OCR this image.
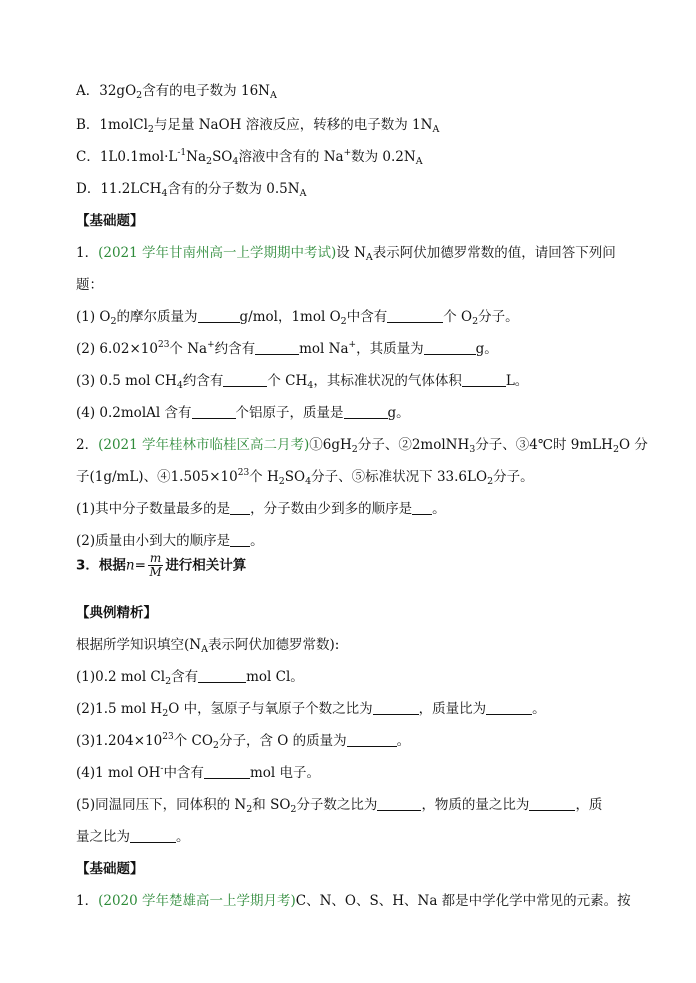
A．$32gO_2$含有的电子数为 $16N_A$
B．1molCl$_2$与足量 NaOH 溶液反应，转移的电子数为 $1N_A$
C．$1L0.1mol\cdot L^{-1}Na_2SO_4$溶液中含有的 Na+数为 $0.2N_A$
D．$11.2LCH_4$含有的分子数为 $0.5N_A$
【基础题】
1．(2021 学年甘南州高一上学期期中考试)设 $N_A$表示阿伏加德罗常数的值，请回答下列问
题：
(1) $O_2$的摩尔质量为	g/mol，1mol $O_2$中含有	个 $O_2$分子。
(2) $6.02\times 10^{23}$个 Na+约含有	mol Na+，其质量为	g。
(3) 0.5 mol $CH_4$约含有	个 $CH_4$，其标准状况的气体体积	L。
(4) 0.2molAl 含有	个铝原子，质量是	g。
2．(2021 学年桂林市临桂区高二月考)$①6gH_2$分子、②2molNH$_3$分子、③4℃时 9mLH$_2$O 分
子(1g/mL)、$④1.505\times 10^{23}$个 $H_2SO_4$分子、⑤标准状况下 $33.6LO_2$分子。
(1)其中分子数量最多的是 ，分子数由少到多的顺序是 。
(2)质量由小到大的顺序是 。
3．根据$n= \frac{m}{M}$ 进行相关计算
【典例精析】
根据所学知识填空($N_A$表示阿伏加德罗常数):
(1)0.2 mol $Cl_2$含有	mol Cl。
(2)1.5 mol $H_2O$ 中，氢原子与氧原子个数之比为	，质量比为	。
$(3)1.204\times 10^{23}$个 $CO_2$分子，含 O 的质量为	。
(4)1 mol OH-中含有	mol 电子。
(5)同温同压下，同体积的 $N_2$和 $SO_2$分子数之比为	，物质的量之比为	，质
量之比为	。
【基础题】
1．(2020 学年楚雄高一上学期月考)C、N、O、S、H、Na 都是中学化学中常见的元素。按
